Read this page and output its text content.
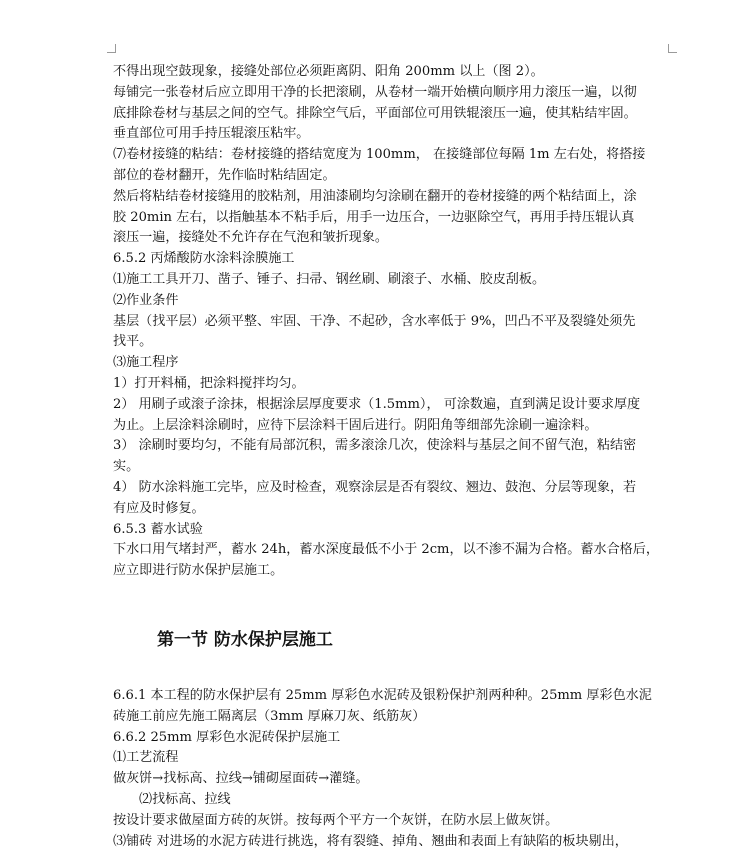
不得出现空鼓现象，接缝处部位必须距离阴、阳角 200mm 以上（图 2）。
每铺完一张卷材后应立即用干净的长把滚刷，从卷材一端开始横向顺序用力滚压一遍，以彻
底排除卷材与基层之间的空气。排除空气后，平面部位可用铁辊滚压一遍，使其粘结牢固。
垂直部位可用手持压辊滚压粘牢。
⑺卷材接缝的粘结：卷材接缝的搭结宽度为 100mm， 在接缝部位每隔 1m 左右处，将搭接
部位的卷材翻开，先作临时粘结固定。
然后将粘结卷材接缝用的胶粘剂，用油漆刷均匀涂刷在翻开的卷材接缝的两个粘结面上，涂
胶 20min 左右，以指触基本不粘手后，用手一边压合，一边驱除空气，再用手持压辊认真
滚压一遍，接缝处不允许存在气泡和皱折现象。
6.5.2 丙烯酸防水涂料涂膜施工
⑴施工工具开刀、凿子、锤子、扫帚、钢丝刷、刷滚子、水桶、胶皮刮板。
⑵作业条件
基层（找平层）必须平整、牢固、干净、不起砂，含水率低于 9%，凹凸不平及裂缝处须先
找平。
⑶施工程序
1）打开料桶，把涂料搅拌均匀。
2） 用刷子或滚子涂抹，根据涂层厚度要求（1.5mm）， 可涂数遍，直到满足设计要求厚度
为止。上层涂料涂刷时，应待下层涂料干固后进行。阴阳角等细部先涂刷一遍涂料。
3） 涂刷时要均匀，不能有局部沉积，需多滚涂几次，使涂料与基层之间不留气泡，粘结密
实。
4） 防水涂料施工完毕，应及时检查，观察涂层是否有裂纹、翘边、鼓泡、分层等现象，若
有应及时修复。
6.5.3 蓄水试验
下水口用气堵封严，蓄水 24h，蓄水深度最低不小于 2cm，以不渗不漏为合格。蓄水合格后，
应立即进行防水保护层施工。
第一节 防水保护层施工
6.6.1 本工程的防水保护层有 25mm 厚彩色水泥砖及银粉保护剂两种种。25mm 厚彩色水泥
砖施工前应先施工隔离层（3mm 厚麻刀灰、纸筋灰）
6.6.2 25mm 厚彩色水泥砖保护层施工
⑴工艺流程
做灰饼→找标高、拉线→铺砌屋面砖→灌缝。
⑵找标高、拉线
按设计要求做屋面方砖的灰饼。按每两个平方一个灰饼，在防水层上做灰饼。
⑶铺砖 对进场的水泥方砖进行挑选，将有裂缝、掉角、翘曲和表面上有缺陷的板块剔出，
